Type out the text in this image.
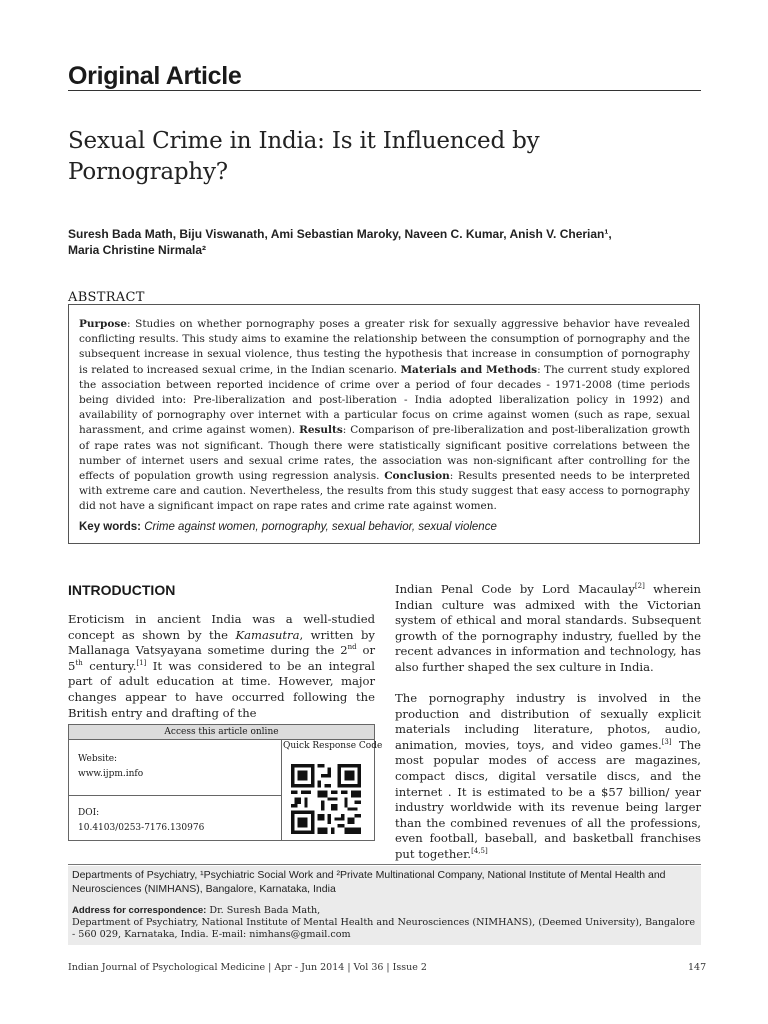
Original Article
Sexual Crime in India: Is it Influenced by Pornography?
Suresh Bada Math, Biju Viswanath, Ami Sebastian Maroky, Naveen C. Kumar, Anish V. Cherian¹,
Maria Christine Nirmala²
ABSTRACT
Purpose: Studies on whether pornography poses a greater risk for sexually aggressive behavior have revealed conflicting results. This study aims to examine the relationship between the consumption of pornography and the subsequent increase in sexual violence, thus testing the hypothesis that increase in consumption of pornography is related to increased sexual crime, in the Indian scenario. Materials and Methods: The current study explored the association between reported incidence of crime over a period of four decades - 1971-2008 (time periods being divided into: Pre-liberalization and post-liberation - India adopted liberalization policy in 1992) and availability of pornography over internet with a particular focus on crime against women (such as rape, sexual harassment, and crime against women). Results: Comparison of pre-liberalization and post-liberalization growth of rape rates was not significant. Though there were statistically significant positive correlations between the number of internet users and sexual crime rates, the association was non-significant after controlling for the effects of population growth using regression analysis. Conclusion: Results presented needs to be interpreted with extreme care and caution. Nevertheless, the results from this study suggest that easy access to pornography did not have a significant impact on rape rates and crime rate against women.
Key words: Crime against women, pornography, sexual behavior, sexual violence
INTRODUCTION
Eroticism in ancient India was a well-studied concept as shown by the Kamasutra, written by Mallanaga Vatsyayana sometime during the 2nd or 5th century.[1] It was considered to be an integral part of adult education at time. However, major changes appear to have occurred following the British entry and drafting of the
Indian Penal Code by Lord Macaulay[2] wherein Indian culture was admixed with the Victorian system of ethical and moral standards. Subsequent growth of the pornography industry, fuelled by the recent advances in information and technology, has also further shaped the sex culture in India.
The pornography industry is involved in the production and distribution of sexually explicit materials including literature, photos, audio, animation, movies, toys, and video games.[3] The most popular modes of access are magazines, compact discs, digital versatile discs, and the internet . It is estimated to be a $57 billion/ year industry worldwide with its revenue being larger than the combined revenues of all the professions, even football, baseball, and basketball franchises put together.[4,5]
Access this article online
Quick Response Code
Website:
www.ijpm.info
DOI:
10.4103/0253-7176.130976
Departments of Psychiatry, ¹Psychiatric Social Work and ²Private Multinational Company, National Institute of Mental Health and Neurosciences (NIMHANS), Bangalore, Karnataka, India
Address for correspondence: Dr. Suresh Bada Math,
Department of Psychiatry, National Institute of Mental Health and Neurosciences (NIMHANS), (Deemed University), Bangalore - 560 029, Karnataka, India. E-mail: nimhans@gmail.com
Indian Journal of Psychological Medicine | Apr - Jun 2014 | Vol 36 | Issue 2	147
